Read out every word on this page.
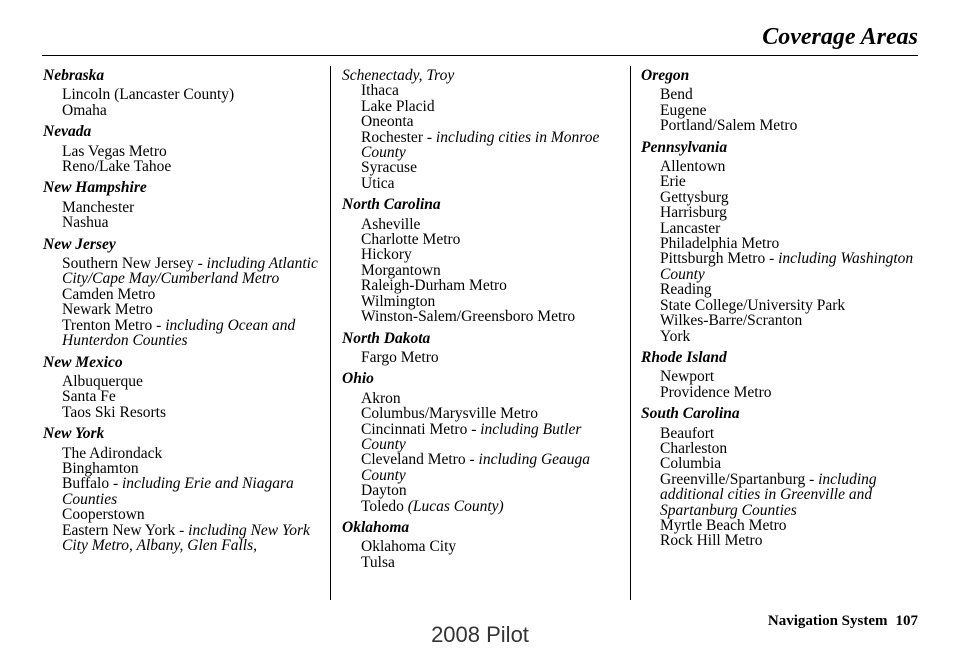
Coverage Areas
Nebraska
Lincoln (Lancaster County)
Omaha
Nevada
Las Vegas Metro
Reno/Lake Tahoe
New Hampshire
Manchester
Nashua
New Jersey
Southern New Jersey - including Atlantic City/Cape May/Cumberland Metro
Camden Metro
Newark Metro
Trenton Metro - including Ocean and Hunterdon Counties
New Mexico
Albuquerque
Santa Fe
Taos Ski Resorts
New York
The Adirondack
Binghamton
Buffalo - including Erie and Niagara Counties
Cooperstown
Eastern New York - including New York City Metro, Albany, Glen Falls,
Schenectady, Troy
Ithaca
Lake Placid
Oneonta
Rochester - including cities in Monroe County
Syracuse
Utica
North Carolina
Asheville
Charlotte Metro
Hickory
Morgantown
Raleigh-Durham Metro
Wilmington
Winston-Salem/Greensboro Metro
North Dakota
Fargo Metro
Ohio
Akron
Columbus/Marysville Metro
Cincinnati Metro - including Butler County
Cleveland Metro - including Geauga County
Dayton
Toledo (Lucas County)
Oklahoma
Oklahoma City
Tulsa
Oregon
Bend
Eugene
Portland/Salem Metro
Pennsylvania
Allentown
Erie
Gettysburg
Harrisburg
Lancaster
Philadelphia Metro
Pittsburgh Metro - including Washington County
Reading
State College/University Park
Wilkes-Barre/Scranton
York
Rhode Island
Newport
Providence Metro
South Carolina
Beaufort
Charleston
Columbia
Greenville/Spartanburg - including additional cities in Greenville and Spartanburg Counties
Myrtle Beach Metro
Rock Hill Metro
Navigation System 107
2008 Pilot
